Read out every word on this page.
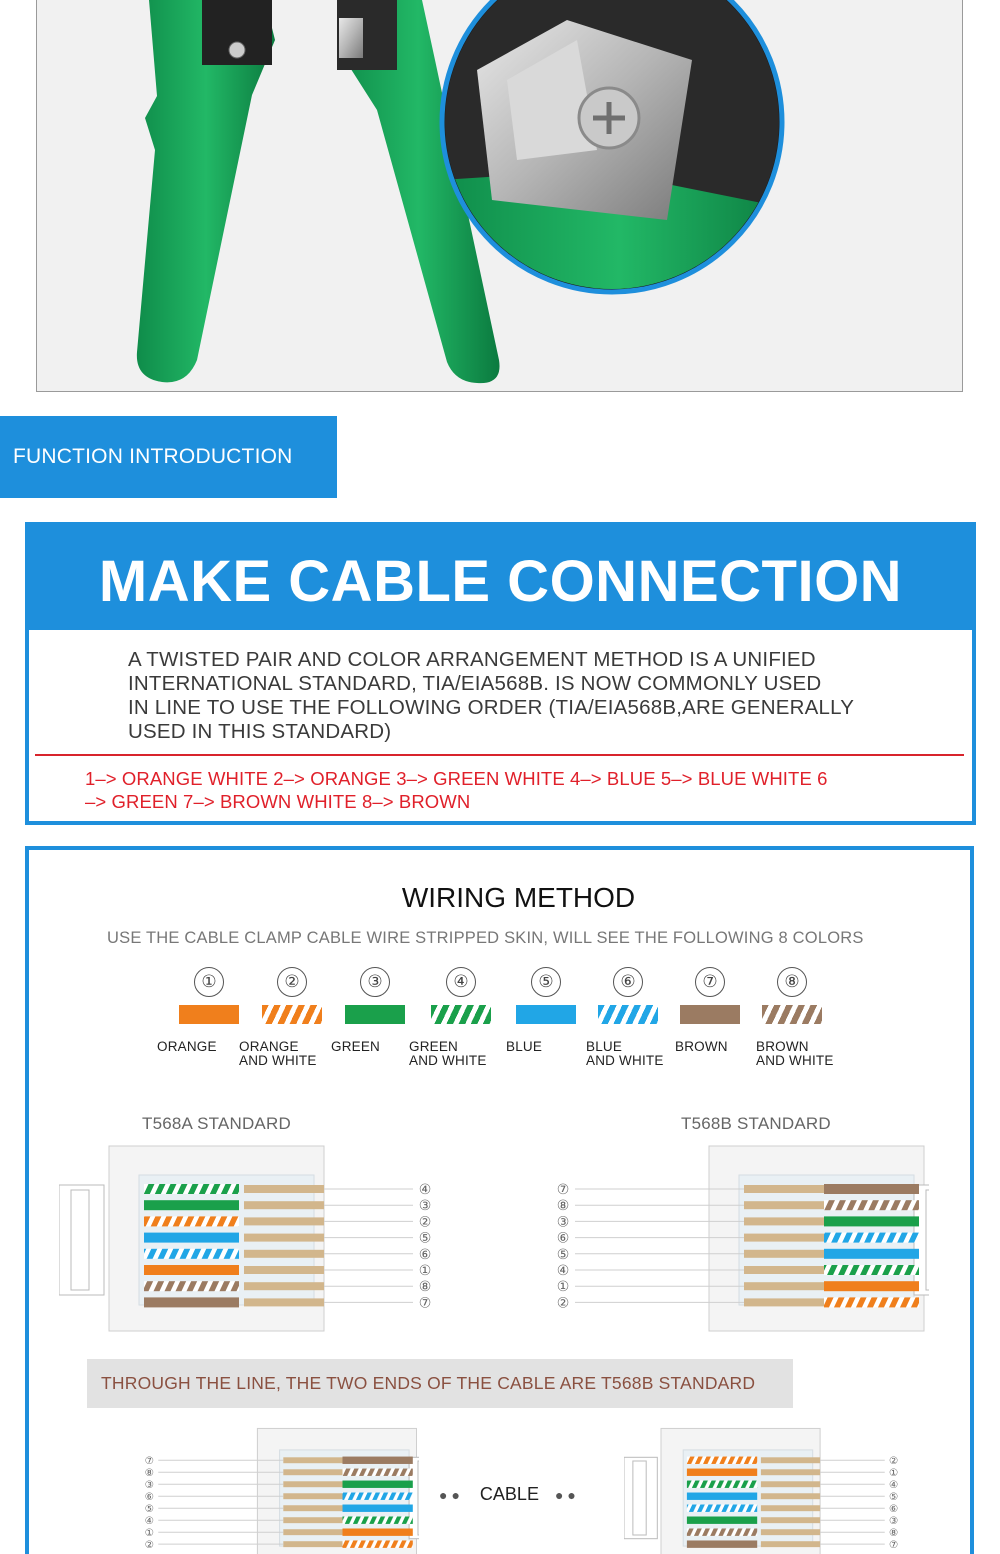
FUNCTION INTRODUCTION
MAKE CABLE CONNECTION
A TWISTED PAIR AND COLOR ARRANGEMENT METHOD IS A UNIFIED
INTERNATIONAL STANDARD, TIA/EIA568B. IS NOW COMMONLY USED
IN LINE TO USE THE FOLLOWING ORDER (TIA/EIA568B,ARE GENERALLY
USED IN THIS STANDARD)
1–> ORANGE WHITE 2–> ORANGE 3–> GREEN WHITE 4–> BLUE 5–> BLUE WHITE 6
–> GREEN 7–> BROWN WHITE 8–> BROWN
WIRING METHOD
USE THE CABLE CLAMP CABLE WIRE STRIPPED SKIN, WILL SEE THE FOLLOWING 8 COLORS
①
ORANGE
②
ORANGE
AND WHITE
③
GREEN
④
GREEN
AND WHITE
⑤
BLUE
⑥
BLUE
AND WHITE
⑦
BROWN
⑧
BROWN
AND WHITE
T568A STANDARD	T568B STANDARD
④
③
②
⑤
⑥
①
⑧
⑦
⑦
⑧
③
⑥
⑤
④
①
②
THROUGH THE LINE, THE TWO ENDS OF THE CABLE ARE T568B STANDARD
⑦
⑧
③
⑥
⑤
④
①
②
②
①
④
⑤
⑥
③
⑧
⑦
●● CABLE ●●
